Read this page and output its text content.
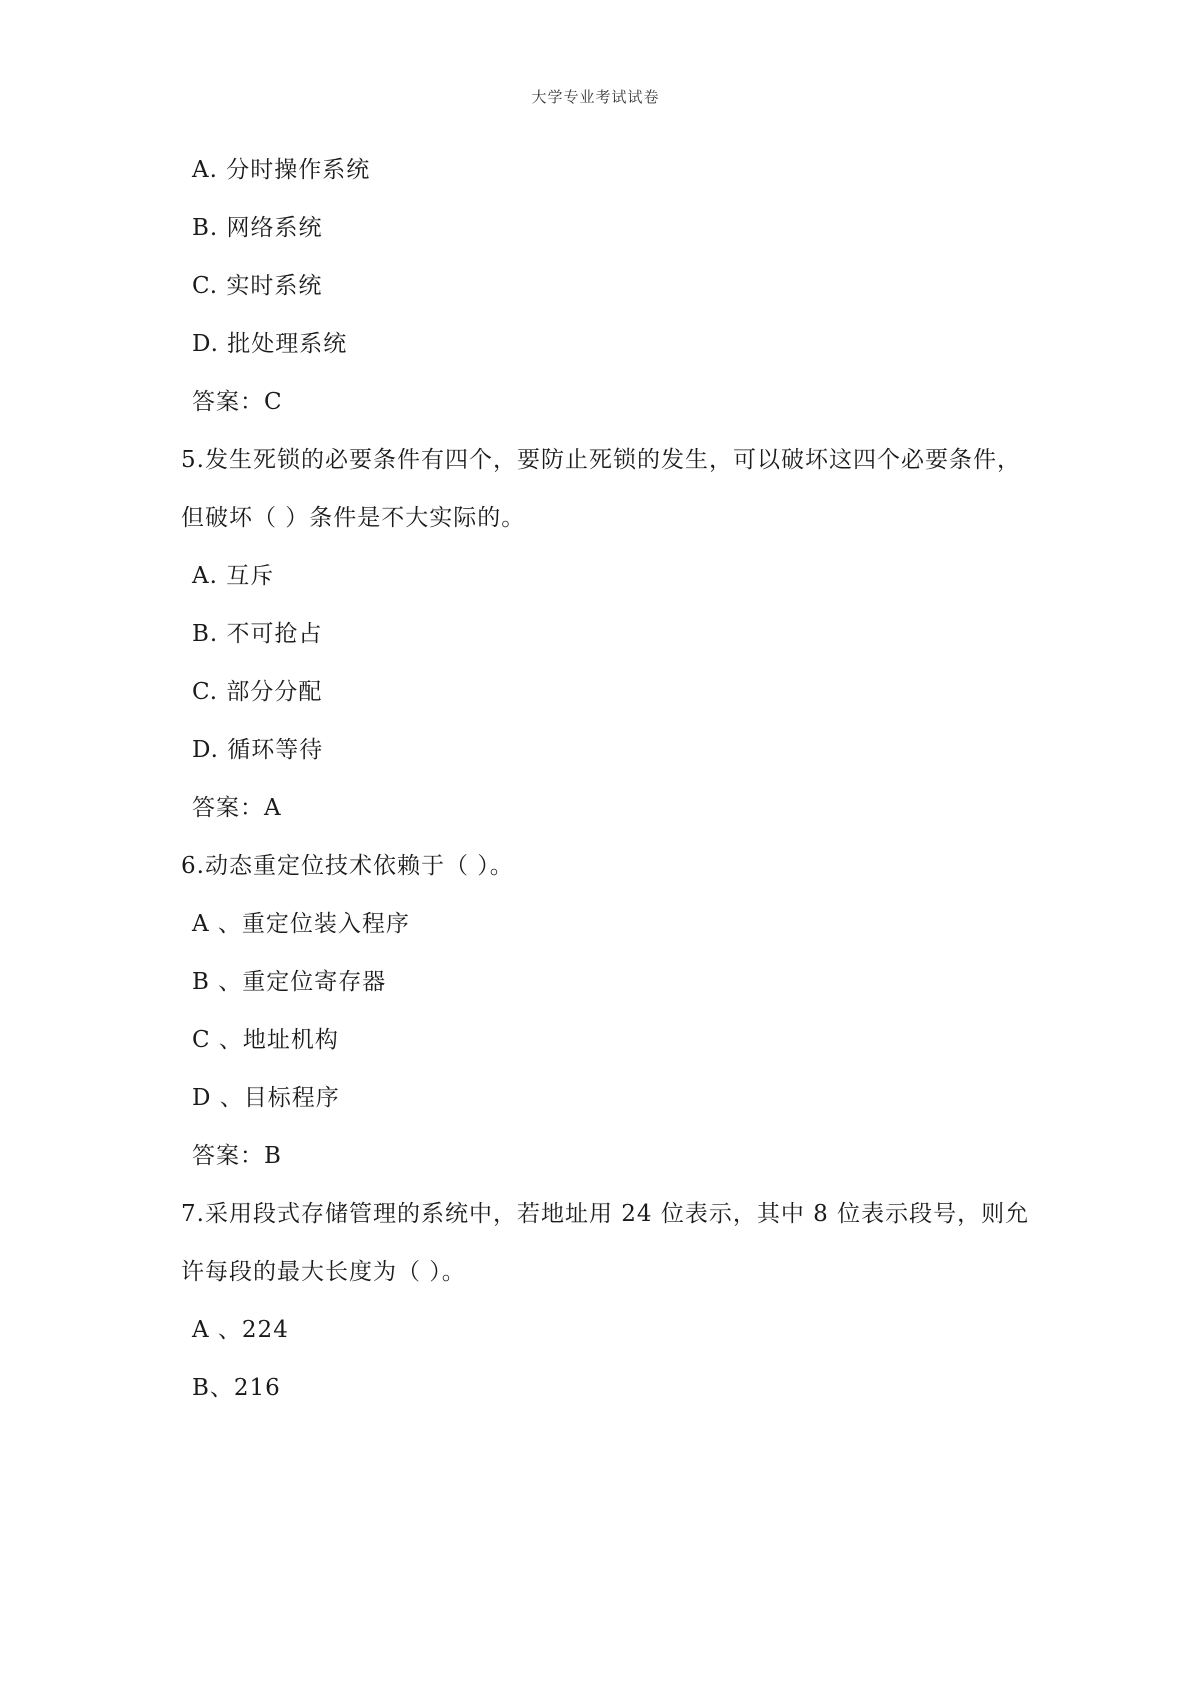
大学专业考试试卷
A. 分时操作系统
B. 网络系统
C. 实时系统
D. 批处理系统
答案：C
5.发生死锁的必要条件有四个，要防止死锁的发生，可以破坏这四个必要条件，
但破坏（ ）条件是不大实际的。
A. 互斥
B. 不可抢占
C. 部分分配
D. 循环等待
答案：A
6.动态重定位技术依赖于（ ）。
A 、重定位装入程序
B 、重定位寄存器
C 、地址机构
D 、目标程序
答案：B
7.采用段式存储管理的系统中，若地址用 24 位表示，其中 8 位表示段号，则允
许每段的最大长度为（ ）。
A 、224
B、216
